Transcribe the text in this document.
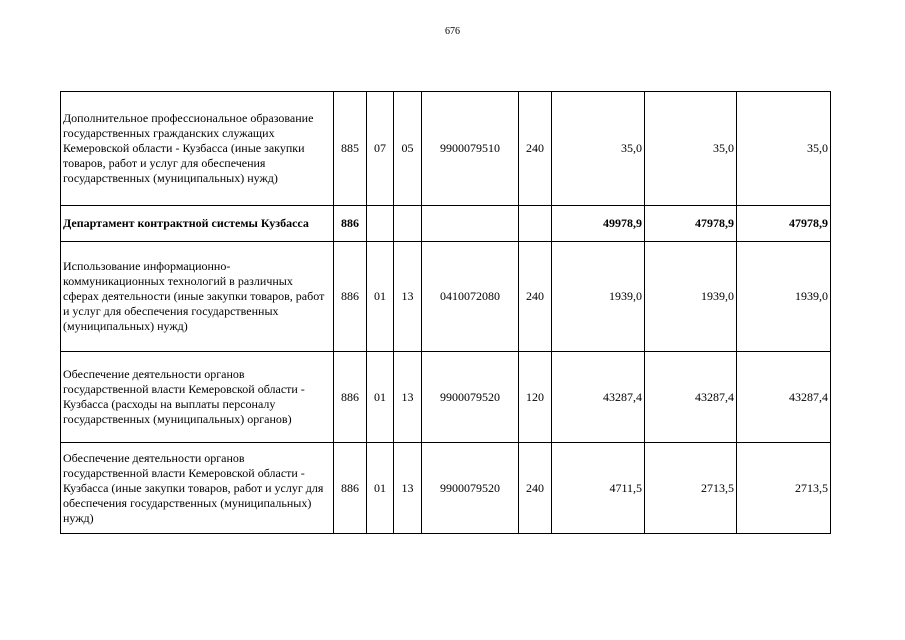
676
Дополнительное профессиональное образование государственных гражданских служащих Кемеровской области - Кузбасса (иные закупки товаров, работ и услуг для обеспечения государственных (муниципальных) нужд)	885	07	05	9900079510	240	35,0	35,0	35,0
Департамент контрактной системы Кузбасса	886					49978,9	47978,9	47978,9
Использование информационно-коммуникационных технологий в различных сферах деятельности (иные закупки товаров, работ и услуг для обеспечения государственных (муниципальных) нужд)	886	01	13	0410072080	240	1939,0	1939,0	1939,0
Обеспечение деятельности органов государственной власти Кемеровской области - Кузбасса (расходы на выплаты персоналу государственных (муниципальных) органов)	886	01	13	9900079520	120	43287,4	43287,4	43287,4
Обеспечение деятельности органов государственной власти Кемеровской области - Кузбасса (иные закупки товаров, работ и услуг для обеспечения государственных (муниципальных) нужд)	886	01	13	9900079520	240	4711,5	2713,5	2713,5
